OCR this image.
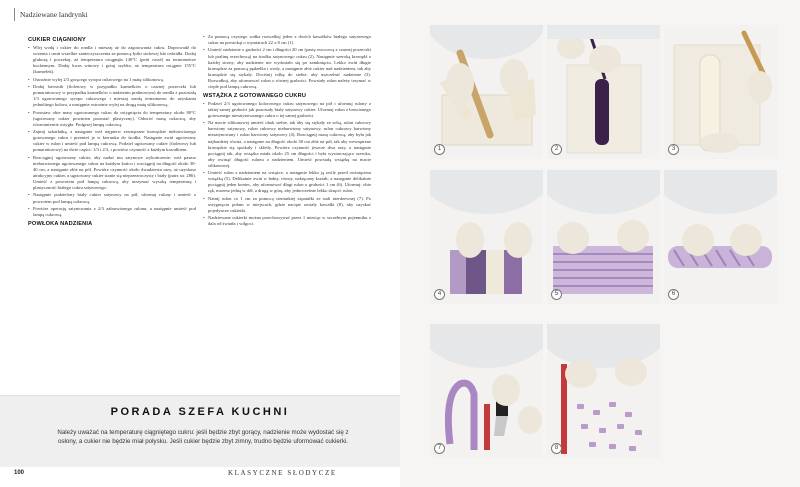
Nadziewane landrynki
CUKIER CIĄGNIONY
• Wlej wodę i cukier do rondla i mieszaj aż do zagotowania cukru. Doprowadź do wrzenia i usuń wszelkie zanieczyszczenia za pomocą łyżki stołowej lub cedzidła. Dodaj glukozę i poczekaj, aż temperatura osiągnęła 140°C (petit cassé) na termometrze kuchennym. Dodaj kwas winowy i gotuj szybko, aż temperatura osiągnie 155°C (karmelek).
• Ostrożnie wylej 2/3 gorącego syropu cukrowego na 1 matę silikonową.
• Dodaj barwnik (fioletowy w przypadku karmelków o czarnej porzeczki lub pomarańczowy w przypadku karmelków o nadzieniu pralinowym) do rondla z pozostałą 1/3 ugotowanego syropu cukrowego i mieszaj sondą termometru do uzyskania jednolitego koloru, a następnie ostrożnie wylej na drugą matę silikonową.
• Pozostaw obie masy ugotowanego cukru do ostygnięcia do temperatury około 80°C (ugotowany cukier powinien pozostać plastyczny). Odwróć masę cukrową, aby równomiernie ostygła. Podgrzej lampę cukrową.
• Zajmij szkarłatką, a następnie weź najpierw zewnętrzne krawędzie niebarwionego gotowanego cukru i przenieś je w kierunku do środka. Następnie zwiń ugotowany cukier w rulon i umieść pod lampą cukrową. Podziel ugotowany cukier (fioletowy lub pomarańczowy) na dwie części: 1/3 i 2/3, i powtórz czynność z każdym kawałkiem.
• Rozciągnij ugotowany cukier, aby nadać mu satynowe wykończenie: weź pasmo niebarwionego ugotowanego cukru na każdym końcu i rozciągnij na długość około 30-40 cm, a następnie złóż na pół. Powtórz czynność około dwudziestu razy, aż uzyskasz atrakcyjny cukier, a ugotowany cukier stanie się nieprzezroczysty i biały (patrz str. 286). Umieść z powrotem pod lampą cukrową, aby utrzymać wysoką temperaturę i plastyczność białego cukru satynowego.
• Następnie podzielony biały cukier satynowy na pół, uformuj rulony i umieść z powrotem pod lampą cukrową.
• Powtórz operację satynowania z 2/3 zabarwionego rulonu, a następnie umieść pod lampą cukrową.
POWŁOKA NADZIENIA
• Za pomocą czystego wałka rozwałkuj jeden z dwóch kawałków białego satynowego cukru na prostokąt o wymiarach 22 x 8 cm (1).
• Umieść nadzienie o grubości 2 cm i długości 20 cm (pastę owocową z czarnej porzeczki lub pralinę orzechową) na środku satynowego cukru (2). Następnie szeroką krawędź z każdej strony, aby nadzienie nie wydostało się po zamknięciu. Lekko zwiń długie krawędzie za pomocą pędzelka i wody, a następnie złóż cukier nad nadzieniem, tak aby krawędzie się stykały. Dociśnij rolkę do siebie, aby uszczelnić nadzienie (3). Rozwałkuj, aby uformować rulon o równej grubości. Powstały rulon należy trzymać w cieple pod lampą cukrową.
WSTĄŻKA Z GOTOWANEGO CUKRU
• Podziel 2/3 ugotowanego kolorowego cukru satynowego na pół i uformuj rulony z takiej samej grubości jak pozostały biały satynowy cukier. Uformuj rulon z barwionego gotowanego niesatynowanego cukru o tej samej grubości.
• Na macie silikonowej umieść obok siebie, tak aby się stykały ze sobą, rulon cukrowy barwiony satynowy, rulon cukrowy niebarwiony satynowy, rulon cukrowy barwiony niesatynowany i rulon barwiony satynowy (4). Rozciągnij masę cukrową, aby była jak najbardziej równa, a następnie na długość około 30 cm złóż na pół, tak aby wewnętrzne krawędzie się spotkały i skleiły. Powtórz czynność jeszcze dwa razy, a następnie pociągnij tak, aby wstążka miała około 25 cm długości i była wystarczająco szeroka, aby owinąć długość rulonu z nadzieniem. Umieść powstałą wstążkę na macie silikonowej.
• Umieść rulon z nadzieniem na wstążce, a następnie lekko ją zwilż przed owinięciem wstążką (5). Delikatnie zwiń w ładny, równy, nakręcany kształt, a następnie delikatnie pociągnij jeden koniec, aby uformować długi rulon o grubości 1 cm (6). Uformuj: obie rąk, możesz jedną w dół, a drugą w górę, aby jednocześnie lekko skręcić rulon.
• Natnij rulon co 1 cm za pomocą cieniutkiej szpatułki ze stali nierdzewnej (7). Po ostygnięciu połam w miejscach, gdzie nacięte zostały kawałki (8), aby uzyskać pojedyncze cukierki.
• Nadziewane cukierki można przechowywać przez 1 miesiąc w szczelnym pojemniku z dala od światła i wilgoci.
PORADA SZEFA KUCHNI
Należy uważać na temperaturę ciągniętego cukru: jeśli będzie zbyt gorący, nadzienie może wydostać się z osłony, a cukier nie będzie miał połysku. Jeśli cukier będzie zbyt zimny, trudno będzie uformować cukierki.
100	KLASYCZNE SŁODYCZE
1	2	3
4	5	6
7	8
